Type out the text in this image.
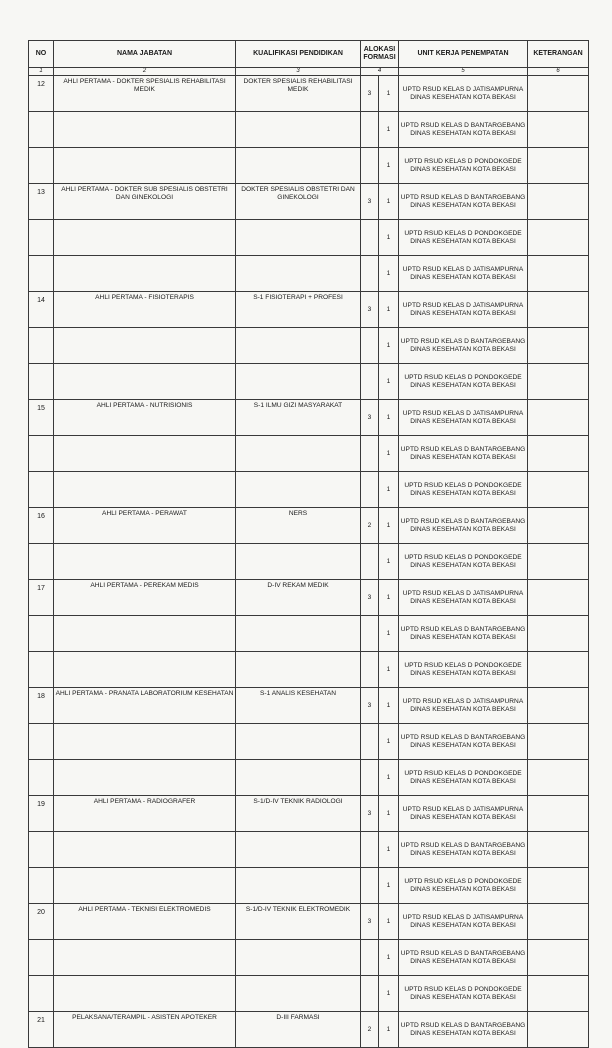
NO	NAMA JABATAN	KUALIFIKASI PENDIDIKAN	ALOKASI FORMASI		UNIT KERJA PENEMPATAN	KETERANGAN
1	2	3	4		5	6
12	AHLI PERTAMA - DOKTER SPESIALIS REHABILITASI MEDIK	DOKTER SPESIALIS REHABILITASI MEDIK	3	1	UPTD RSUD KELAS D JATISAMPURNA DINAS KESEHATAN KOTA BEKASI	
				1	UPTD RSUD KELAS D BANTARGEBANG DINAS KESEHATAN KOTA BEKASI	
				1	UPTD RSUD KELAS D PONDOKGEDE DINAS KESEHATAN KOTA BEKASI	
13	AHLI PERTAMA - DOKTER SUB SPESIALIS OBSTETRI DAN GINEKOLOGI	DOKTER SPESIALIS OBSTETRI DAN GINEKOLOGI	3	1	UPTD RSUD KELAS D BANTARGEBANG DINAS KESEHATAN KOTA BEKASI	
				1	UPTD RSUD KELAS D PONDOKGEDE DINAS KESEHATAN KOTA BEKASI	
				1	UPTD RSUD KELAS D JATISAMPURNA DINAS KESEHATAN KOTA BEKASI	
14	AHLI PERTAMA - FISIOTERAPIS	S-1 FISIOTERAPI + PROFESI	3	1	UPTD RSUD KELAS D JATISAMPURNA DINAS KESEHATAN KOTA BEKASI	
				1	UPTD RSUD KELAS D BANTARGEBANG DINAS KESEHATAN KOTA BEKASI	
				1	UPTD RSUD KELAS D PONDOKGEDE DINAS KESEHATAN KOTA BEKASI	
15	AHLI PERTAMA - NUTRISIONIS	S-1 ILMU GIZI MASYARAKAT	3	1	UPTD RSUD KELAS D JATISAMPURNA DINAS KESEHATAN KOTA BEKASI	
				1	UPTD RSUD KELAS D BANTARGEBANG DINAS KESEHATAN KOTA BEKASI	
				1	UPTD RSUD KELAS D PONDOKGEDE DINAS KESEHATAN KOTA BEKASI	
16	AHLI PERTAMA - PERAWAT	NERS	2	1	UPTD RSUD KELAS D BANTARGEBANG DINAS KESEHATAN KOTA BEKASI	
				1	UPTD RSUD KELAS D PONDOKGEDE DINAS KESEHATAN KOTA BEKASI	
17	AHLI PERTAMA - PEREKAM MEDIS	D-IV REKAM MEDIK	3	1	UPTD RSUD KELAS D JATISAMPURNA DINAS KESEHATAN KOTA BEKASI	
				1	UPTD RSUD KELAS D BANTARGEBANG DINAS KESEHATAN KOTA BEKASI	
				1	UPTD RSUD KELAS D PONDOKGEDE DINAS KESEHATAN KOTA BEKASI	
18	AHLI PERTAMA - PRANATA LABORATORIUM KESEHATAN	S-1 ANALIS KESEHATAN	3	1	UPTD RSUD KELAS D JATISAMPURNA DINAS KESEHATAN KOTA BEKASI	
				1	UPTD RSUD KELAS D BANTARGEBANG DINAS KESEHATAN KOTA BEKASI	
				1	UPTD RSUD KELAS D PONDOKGEDE DINAS KESEHATAN KOTA BEKASI	
19	AHLI PERTAMA - RADIOGRAFER	S-1/D-IV TEKNIK RADIOLOGI	3	1	UPTD RSUD KELAS D JATISAMPURNA DINAS KESEHATAN KOTA BEKASI	
				1	UPTD RSUD KELAS D BANTARGEBANG DINAS KESEHATAN KOTA BEKASI	
				1	UPTD RSUD KELAS D PONDOKGEDE DINAS KESEHATAN KOTA BEKASI	
20	AHLI PERTAMA - TEKNISI ELEKTROMEDIS	S-1/D-IV TEKNIK ELEKTROMEDIK	3	1	UPTD RSUD KELAS D JATISAMPURNA DINAS KESEHATAN KOTA BEKASI	
				1	UPTD RSUD KELAS D BANTARGEBANG DINAS KESEHATAN KOTA BEKASI	
				1	UPTD RSUD KELAS D PONDOKGEDE DINAS KESEHATAN KOTA BEKASI	
21	PELAKSANA/TERAMPIL - ASISTEN APOTEKER	D-III FARMASI	2	1	UPTD RSUD KELAS D BANTARGEBANG DINAS KESEHATAN KOTA BEKASI	
